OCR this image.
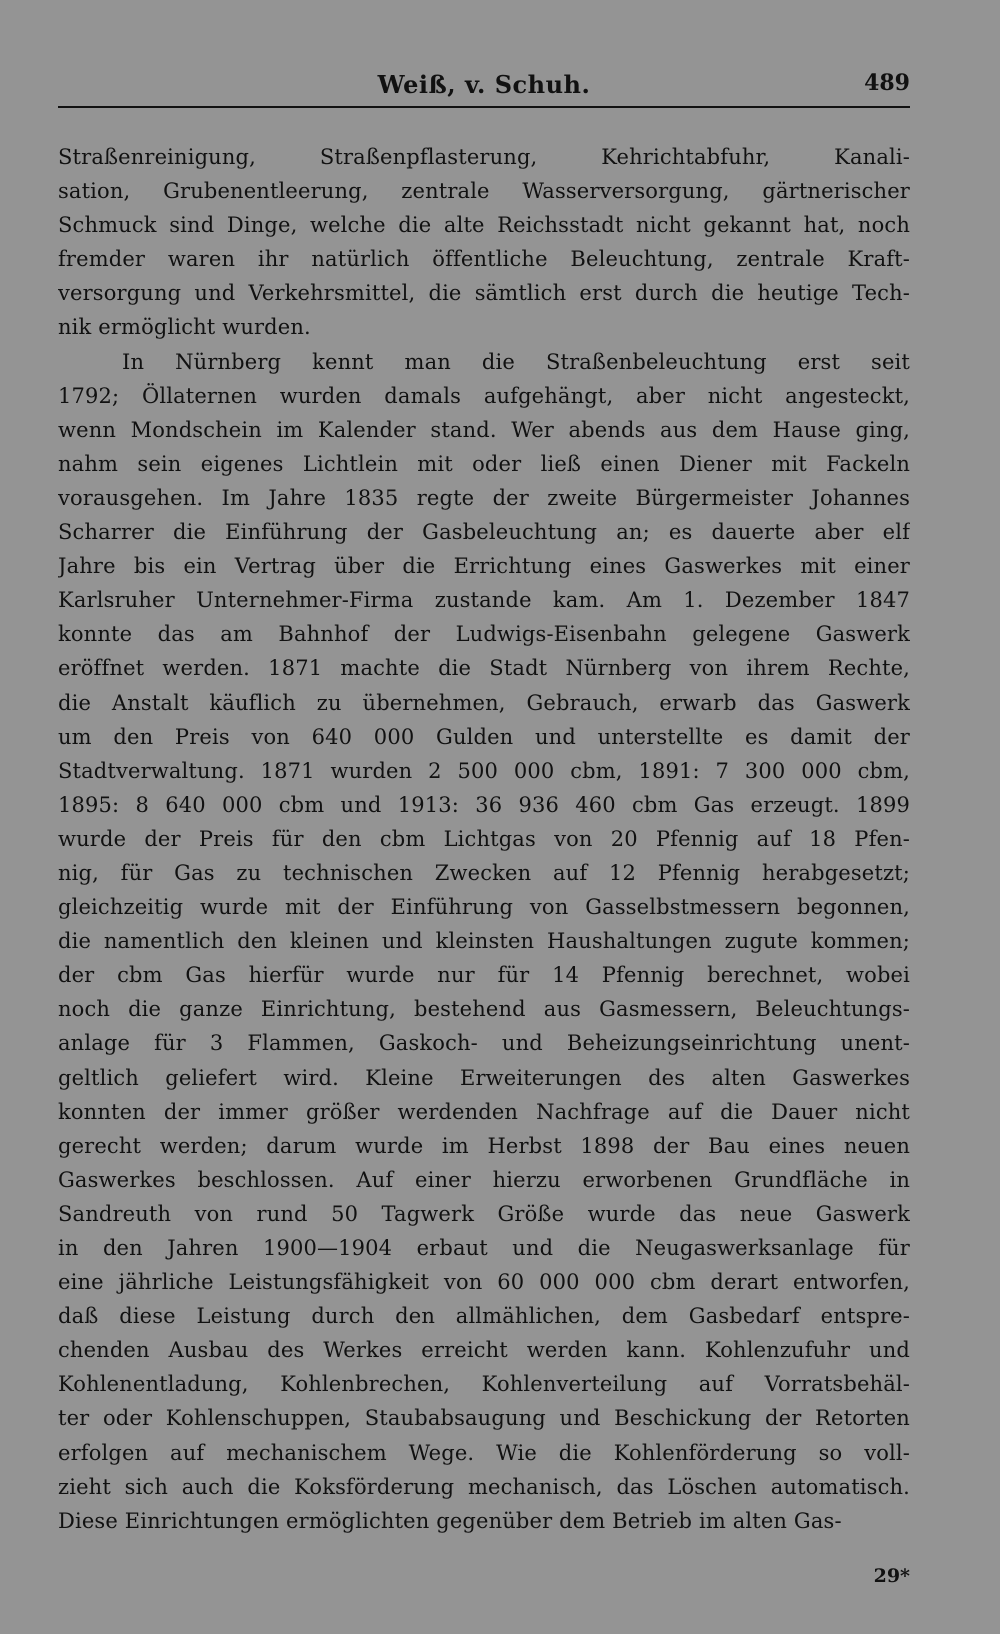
Weiß, v. Schuh.	489
Straßenreinigung, Straßenpflasterung, Kehrichtabfuhr, Kanali-
sation, Grubenentleerung, zentrale Wasserversorgung, gärtnerischer
Schmuck sind Dinge, welche die alte Reichsstadt nicht gekannt hat, noch
fremder waren ihr natürlich öffentliche Beleuchtung, zentrale Kraft-
versorgung und Verkehrsmittel, die sämtlich erst durch die heutige Tech-
nik ermöglicht wurden.
In Nürnberg kennt man die Straßenbeleuchtung erst seit
1792; Öllaternen wurden damals aufgehängt, aber nicht angesteckt,
wenn Mondschein im Kalender stand. Wer abends aus dem Hause ging,
nahm sein eigenes Lichtlein mit oder ließ einen Diener mit Fackeln
vorausgehen. Im Jahre 1835 regte der zweite Bürgermeister Johannes
Scharrer die Einführung der Gasbeleuchtung an; es dauerte aber elf
Jahre bis ein Vertrag über die Errichtung eines Gaswerkes mit einer
Karlsruher Unternehmer-Firma zustande kam. Am 1. Dezember 1847
konnte das am Bahnhof der Ludwigs-Eisenbahn gelegene Gaswerk
eröffnet werden. 1871 machte die Stadt Nürnberg von ihrem Rechte,
die Anstalt käuflich zu übernehmen, Gebrauch, erwarb das Gaswerk
um den Preis von 640 000 Gulden und unterstellte es damit der
Stadtverwaltung. 1871 wurden 2 500 000 cbm, 1891: 7 300 000 cbm,
1895: 8 640 000 cbm und 1913: 36 936 460 cbm Gas erzeugt. 1899
wurde der Preis für den cbm Lichtgas von 20 Pfennig auf 18 Pfen-
nig, für Gas zu technischen Zwecken auf 12 Pfennig herabgesetzt;
gleichzeitig wurde mit der Einführung von Gasselbstmessern begonnen,
die namentlich den kleinen und kleinsten Haushaltungen zugute kommen;
der cbm Gas hierfür wurde nur für 14 Pfennig berechnet, wobei
noch die ganze Einrichtung, bestehend aus Gasmessern, Beleuchtungs-
anlage für 3 Flammen, Gaskoch- und Beheizungseinrichtung unent-
geltlich geliefert wird. Kleine Erweiterungen des alten Gaswerkes
konnten der immer größer werdenden Nachfrage auf die Dauer nicht
gerecht werden; darum wurde im Herbst 1898 der Bau eines neuen
Gaswerkes beschlossen. Auf einer hierzu erworbenen Grundfläche in
Sandreuth von rund 50 Tagwerk Größe wurde das neue Gaswerk
in den Jahren 1900—1904 erbaut und die Neugaswerksanlage für
eine jährliche Leistungsfähigkeit von 60 000 000 cbm derart entworfen,
daß diese Leistung durch den allmählichen, dem Gasbedarf entspre-
chenden Ausbau des Werkes erreicht werden kann. Kohlenzufuhr und
Kohlenentladung, Kohlenbrechen, Kohlenverteilung auf Vorratsbehäl-
ter oder Kohlenschuppen, Staubabsaugung und Beschickung der Retorten
erfolgen auf mechanischem Wege. Wie die Kohlenförderung so voll-
zieht sich auch die Koksförderung mechanisch, das Löschen automatisch.
Diese Einrichtungen ermöglichten gegenüber dem Betrieb im alten Gas-
29*
